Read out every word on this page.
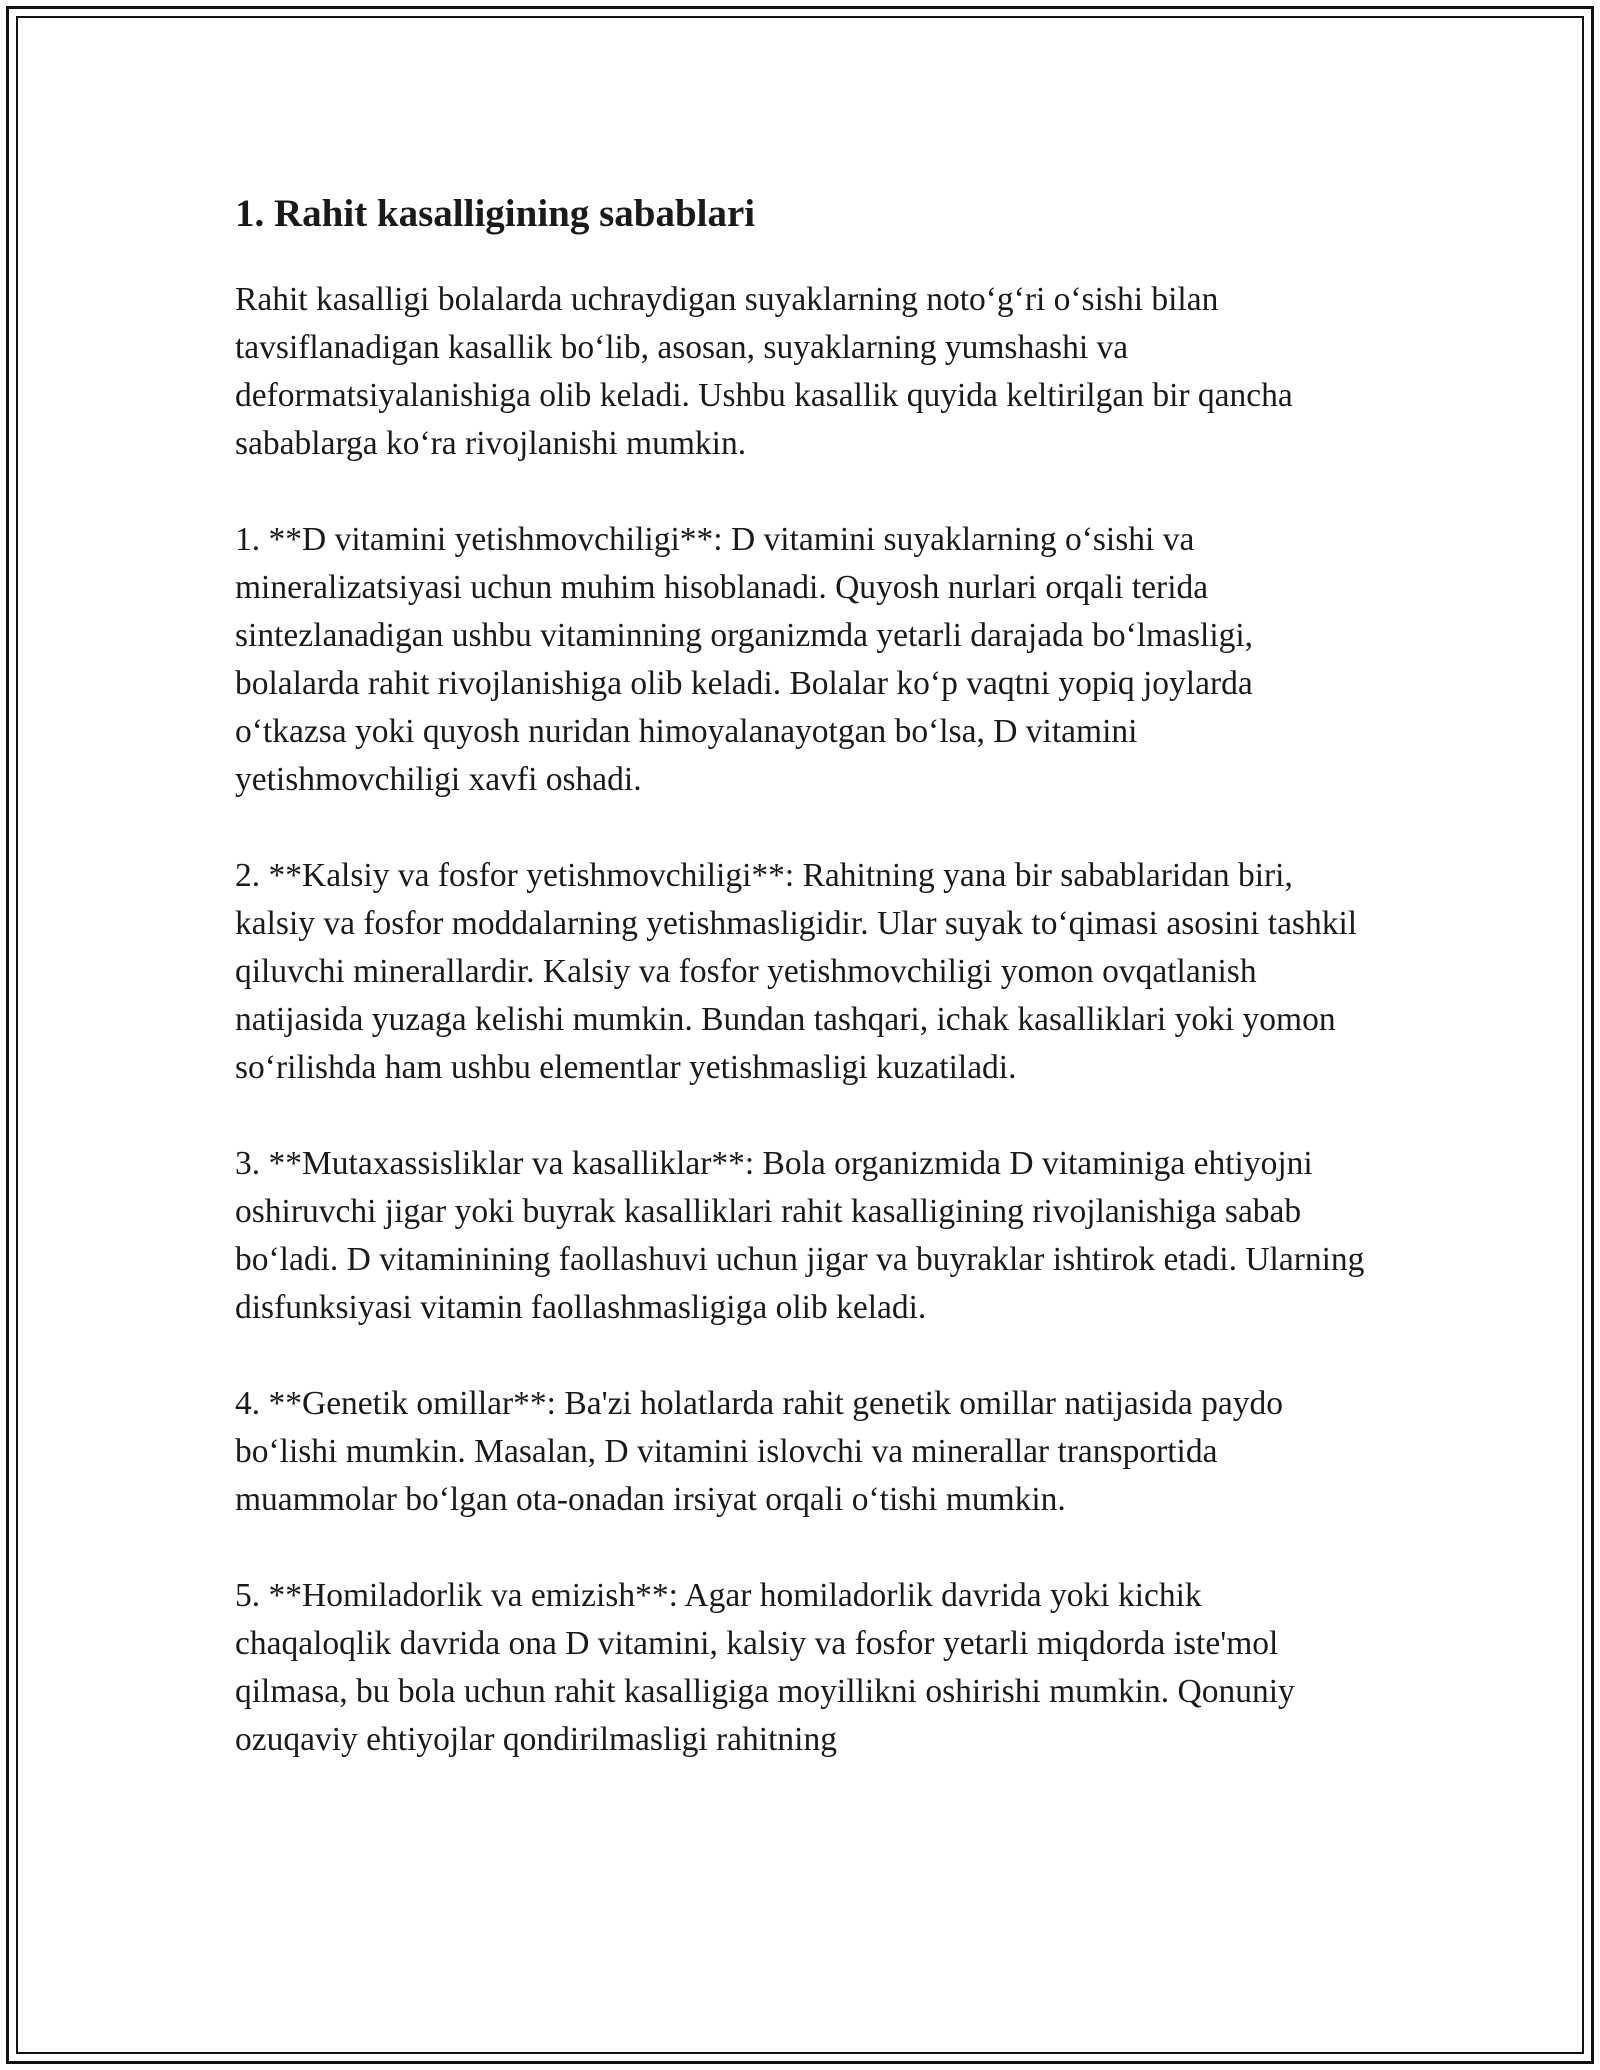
1. Rahit kasalligining sabablari

Rahit kasalligi bolalarda uchraydigan suyaklarning noto‘g‘ri o‘sishi bilan tavsiflanadigan kasallik bo‘lib, asosan, suyaklarning yumshashi va deformatsiyalanishiga olib keladi. Ushbu kasallik quyida keltirilgan bir qancha sabablarga ko‘ra rivojlanishi mumkin.

1. **D vitamini yetishmovchiligi**: D vitamini suyaklarning o‘sishi va mineralizatsiyasi uchun muhim hisoblanadi. Quyosh nurlari orqali terida sintezlanadigan ushbu vitaminning organizmda yetarli darajada bo‘lmasligi, bolalarda rahit rivojlanishiga olib keladi. Bolalar ko‘p vaqtni yopiq joylarda o‘tkazsa yoki quyosh nuridan himoyalanayotgan bo‘lsa, D vitamini yetishmovchiligi xavfi oshadi.

2. **Kalsiy va fosfor yetishmovchiligi**: Rahitning yana bir sabablaridan biri, kalsiy va fosfor moddalarning yetishmasligidir. Ular suyak to‘qimasi asosini tashkil qiluvchi minerallardir. Kalsiy va fosfor yetishmovchiligi yomon ovqatlanish natijasida yuzaga kelishi mumkin. Bundan tashqari, ichak kasalliklari yoki yomon so‘rilishda ham ushbu elementlar yetishmasligi kuzatiladi.

3. **Mutaxassisliklar va kasalliklar**: Bola organizmida D vitaminiga ehtiyojni oshiruvchi jigar yoki buyrak kasalliklari rahit kasalligining rivojlanishiga sabab bo‘ladi. D vitaminining faollashuvi uchun jigar va buyraklar ishtirok etadi. Ularning disfunksiyasi vitamin faollashmasligiga olib keladi.

4. **Genetik omillar**: Ba'zi holatlarda rahit genetik omillar natijasida paydo bo‘lishi mumkin. Masalan, D vitamini islovchi va minerallar transportida muammolar bo‘lgan ota-onadan irsiyat orqali o‘tishi mumkin.

5. **Homiladorlik va emizish**: Agar homiladorlik davrida yoki kichik chaqaloqlik davrida ona D vitamini, kalsiy va fosfor yetarli miqdorda iste'mol qilmasa, bu bola uchun rahit kasalligiga moyillikni oshirishi mumkin. Qonuniy ozuqaviy ehtiyojlar qondirilmasligi rahitning
